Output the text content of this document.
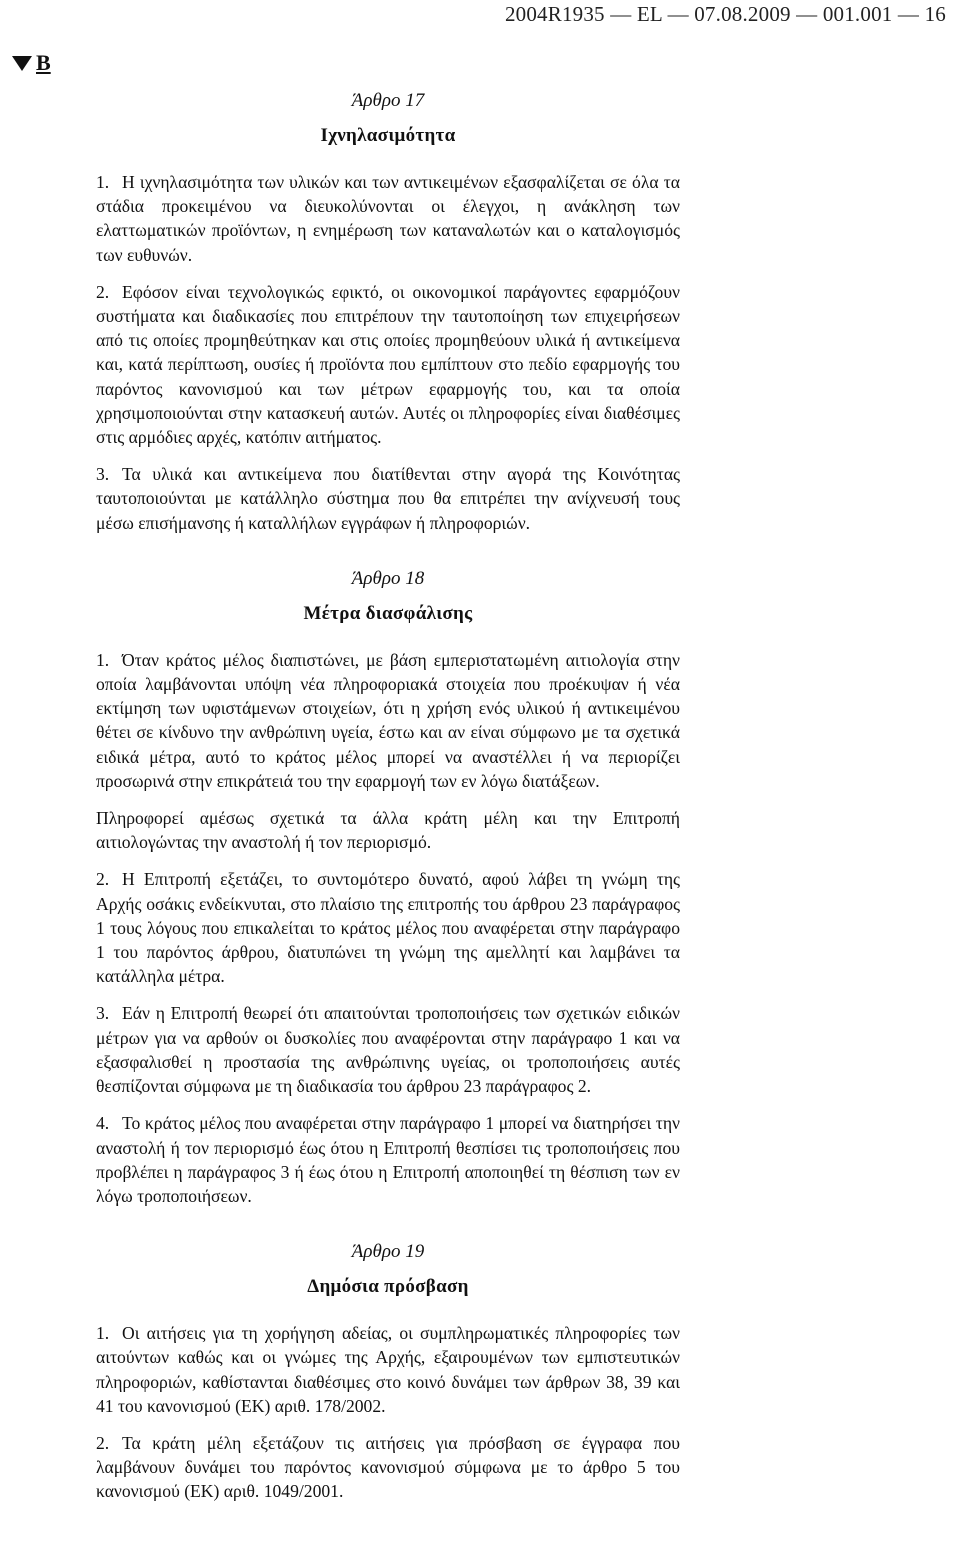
2004R1935 — EL — 07.08.2009 — 001.001 — 16
B

Άρθρο 17

Ιχνηλασιμότητα

1. Η ιχνηλασιμότητα των υλικών και των αντικειμένων εξασφαλίζεται σε όλα τα στάδια προκειμένου να διευκολύνονται οι έλεγχοι, η ανάκληση των ελαττωματικών προϊόντων, η ενημέρωση των καταναλωτών και ο καταλογισμός των ευθυνών.

2. Εφόσον είναι τεχνολογικώς εφικτό, οι οικονομικοί παράγοντες εφαρμόζουν συστήματα και διαδικασίες που επιτρέπουν την ταυτοποίηση των επιχειρήσεων από τις οποίες προμηθεύτηκαν και στις οποίες προμηθεύουν υλικά ή αντικείμενα και, κατά περίπτωση, ουσίες ή προϊόντα που εμπίπτουν στο πεδίο εφαρμογής του παρόντος κανονισμού και των μέτρων εφαρμογής του, και τα οποία χρησιμοποιούνται στην κατασκευή αυτών. Αυτές οι πληροφορίες είναι διαθέσιμες στις αρμόδιες αρχές, κατόπιν αιτήματος.

3. Τα υλικά και αντικείμενα που διατίθενται στην αγορά της Κοινότητας ταυτοποιούνται με κατάλληλο σύστημα που θα επιτρέπει την ανίχνευσή τους μέσω επισήμανσης ή καταλλήλων εγγράφων ή πληροφοριών.

Άρθρο 18

Μέτρα διασφάλισης

1. Όταν κράτος μέλος διαπιστώνει, με βάση εμπεριστατωμένη αιτιολογία στην οποία λαμβάνονται υπόψη νέα πληροφοριακά στοιχεία που προέκυψαν ή νέα εκτίμηση των υφιστάμενων στοιχείων, ότι η χρήση ενός υλικού ή αντικειμένου θέτει σε κίνδυνο την ανθρώπινη υγεία, έστω και αν είναι σύμφωνο με τα σχετικά ειδικά μέτρα, αυτό το κράτος μέλος μπορεί να αναστέλλει ή να περιορίζει προσωρινά στην επικράτειά του την εφαρμογή των εν λόγω διατάξεων.

Πληροφορεί αμέσως σχετικά τα άλλα κράτη μέλη και την Επιτροπή αιτιολογώντας την αναστολή ή τον περιορισμό.

2. Η Επιτροπή εξετάζει, το συντομότερο δυνατό, αφού λάβει τη γνώμη της Αρχής οσάκις ενδείκνυται, στο πλαίσιο της επιτροπής του άρθρου 23 παράγραφος 1 τους λόγους που επικαλείται το κράτος μέλος που αναφέρεται στην παράγραφο 1 του παρόντος άρθρου, διατυπώνει τη γνώμη της αμελλητί και λαμβάνει τα κατάλληλα μέτρα.

3. Εάν η Επιτροπή θεωρεί ότι απαιτούνται τροποποιήσεις των σχετικών ειδικών μέτρων για να αρθούν οι δυσκολίες που αναφέρονται στην παράγραφο 1 και να εξασφαλισθεί η προστασία της ανθρώπινης υγείας, οι τροποποιήσεις αυτές θεσπίζονται σύμφωνα με τη διαδικασία του άρθρου 23 παράγραφος 2.

4. Το κράτος μέλος που αναφέρεται στην παράγραφο 1 μπορεί να διατηρήσει την αναστολή ή τον περιορισμό έως ότου η Επιτροπή θεσπίσει τις τροποποιήσεις που προβλέπει η παράγραφος 3 ή έως ότου η Επιτροπή αποποιηθεί τη θέσπιση των εν λόγω τροποποιήσεων.

Άρθρο 19

Δημόσια πρόσβαση

1. Οι αιτήσεις για τη χορήγηση αδείας, οι συμπληρωματικές πληροφορίες των αιτούντων καθώς και οι γνώμες της Αρχής, εξαιρουμένων των εμπιστευτικών πληροφοριών, καθίστανται διαθέσιμες στο κοινό δυνάμει των άρθρων 38, 39 και 41 του κανονισμού (ΕΚ) αριθ. 178/2002.

2. Τα κράτη μέλη εξετάζουν τις αιτήσεις για πρόσβαση σε έγγραφα που λαμβάνουν δυνάμει του παρόντος κανονισμού σύμφωνα με το άρθρο 5 του κανονισμού (ΕΚ) αριθ. 1049/2001.
